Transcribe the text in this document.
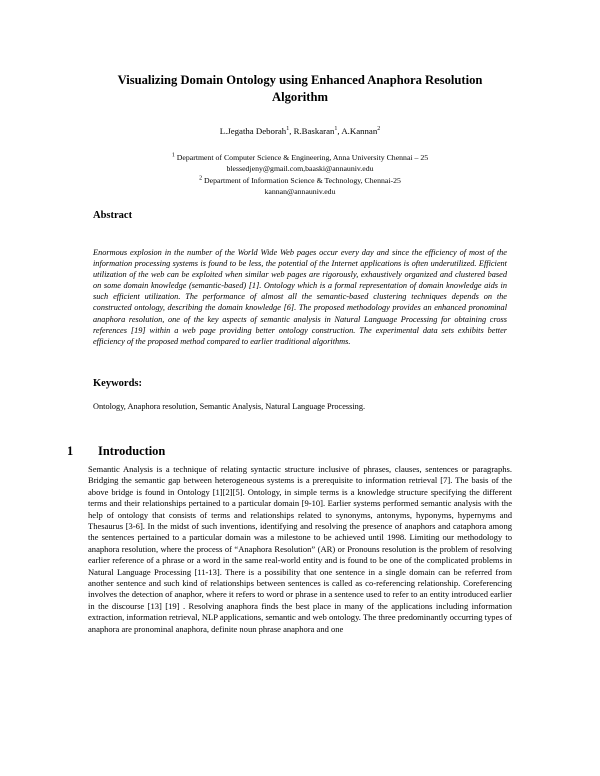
Visualizing Domain Ontology using Enhanced Anaphora Resolution Algorithm
L.Jegatha Deborah$^1$, R.Baskaran$^1$, A.Kannan$^2$
$^1$ Department of Computer Science & Engineering, Anna University Chennai – 25
blessedjeny@gmail.com,baaski@annauniv.edu
$^2$ Department of Information Science & Technology, Chennai-25
kannan@annauniv.edu
Abstract

Enormous explosion in the number of the World Wide Web pages occur every day and since the efficiency of most of the information processing systems is found to be less, the potential of the Internet applications is often underutilized. Efficient utilization of the web can be exploited when similar web pages are rigorously, exhaustively organized and clustered based on some domain knowledge (semantic-based) [1]. Ontology which is a formal representation of domain knowledge aids in such efficient utilization. The performance of almost all the semantic-based clustering techniques depends on the constructed ontology, describing the domain knowledge [6]. The proposed methodology provides an enhanced pronominal anaphora resolution, one of the key aspects of semantic analysis in Natural Language Processing for obtaining cross references [19] within a web page providing better ontology construction. The experimental data sets exhibits better efficiency of the proposed method compared to earlier traditional algorithms.

Keywords:
Ontology, Anaphora resolution, Semantic Analysis, Natural Language Processing.
1 Introduction

Semantic Analysis is a technique of relating syntactic structure inclusive of phrases, clauses, sentences or paragraphs. Bridging the semantic gap between heterogeneous systems is a prerequisite to information retrieval [7]. The basis of the above bridge is found in Ontology [1][2][5]. Ontology, in simple terms is a knowledge structure specifying the different terms and their relationships pertained to a particular domain [9-10]. Earlier systems performed semantic analysis with the help of ontology that consists of terms and relationships related to synonyms, antonyms, hyponyms, hypernyms and Thesaurus [3-6]. In the midst of such inventions, identifying and resolving the presence of anaphors and cataphora among the sentences pertained to a particular domain was a milestone to be achieved until 1998. Limiting our methodology to anaphora resolution, where the process of “Anaphora Resolution” (AR) or Pronouns resolution is the problem of resolving earlier reference of a phrase or a word in the same real-world entity and is found to be one of the complicated problems in Natural Language Processing [11-13]. There is a possibility that one sentence in a single domain can be referred from another sentence and such kind of relationships between sentences is called as co-referencing relationship. Coreferencing involves the detection of anaphor, where it refers to word or phrase in a sentence used to refer to an entity introduced earlier in the discourse [13] [19] . Resolving anaphora finds the best place in many of the applications including information extraction, information retrieval, NLP applications, semantic and web ontology. The three predominantly occurring types of anaphora are pronominal anaphora, definite noun phrase anaphora and one
